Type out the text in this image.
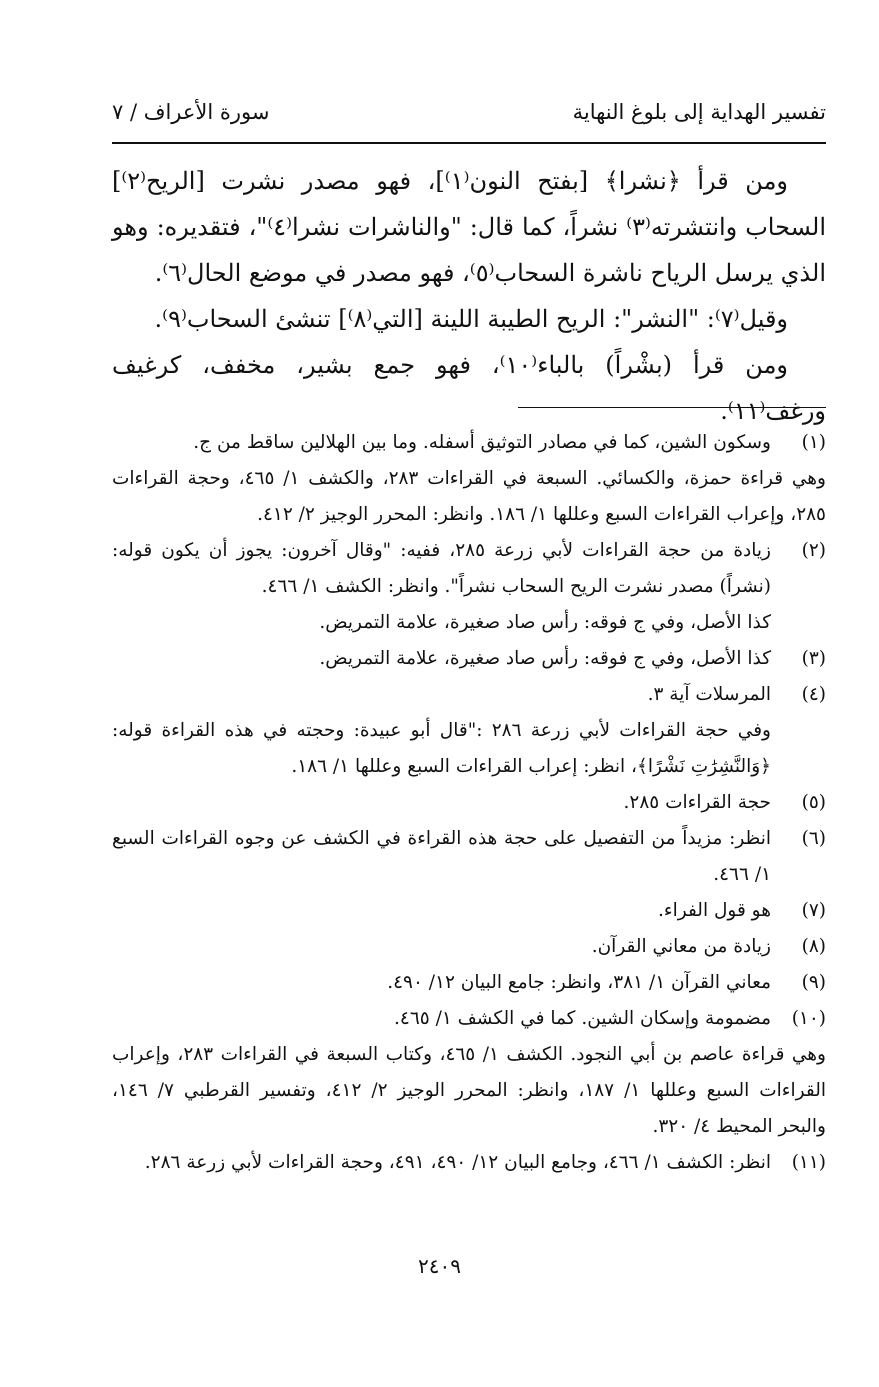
سورة الأعراف / ٧	تفسير الهداية إلى بلوغ النهاية

ومن قرأ ﴿نشرا﴾ [بفتح النون⁽١⁾]، فهو مصدر نشرت [الريح⁽٢⁾] السحاب وانتشرته⁽٣⁾ نشراً، كما قال: "والناشرات نشرا⁽٤⁾"، فتقديره: وهو الذي يرسل الرياح ناشرة السحاب⁽٥⁾، فهو مصدر في موضع الحال⁽٦⁾.

وقيل⁽٧⁾: "النشر": الريح الطيبة اللينة [التي⁽٨⁾] تنشئ السحاب⁽٩⁾.

ومن قرأ (بشْراً) بالباء⁽١٠⁾، فهو جمع بشير، مخفف، كرغيف ورغف⁽١١⁾.

(١)
وسكون الشين، كما في مصادر التوثيق أسفله. وما بين الهلالين ساقط من ج.
وهي قراءة حمزة، والكسائي. السبعة في القراءات ٢٨٣، والكشف ١/ ٤٦٥، وحجة القراءات ٢٨٥، وإعراب القراءات السبع وعللها ١/ ١٨٦. وانظر: المحرر الوجيز ٢/ ٤١٢.
(٢)
زيادة من حجة القراءات لأبي زرعة ٢٨٥، ففيه: "وقال آخرون: يجوز أن يكون قوله: (نشراً) مصدر نشرت الريح السحاب نشراً". وانظر: الكشف ١/ ٤٦٦.
كذا الأصل، وفي ج فوقه: رأس صاد صغيرة، علامة التمريض.
(٣)
كذا الأصل، وفي ج فوقه: رأس صاد صغيرة، علامة التمريض.
(٤)
المرسلات آية ٣.
وفي حجة القراءات لأبي زرعة ٢٨٦ :"قال أبو عبيدة: وحجته في هذه القراءة قوله: ﴿وَالنَّشِرَٰتِ نَشْرًا﴾، انظر: إعراب القراءات السبع وعللها ١/ ١٨٦.
(٥)
حجة القراءات ٢٨٥.
(٦)
انظر: مزيداً من التفصيل على حجة هذه القراءة في الكشف عن وجوه القراءات السبع ١/ ٤٦٦.
(٧)
هو قول الفراء.
(٨)
زيادة من معاني القرآن.
(٩)
معاني القرآن ١/ ٣٨١، وانظر: جامع البيان ١٢/ ٤٩٠.
(١٠)
مضمومة وإسكان الشين. كما في الكشف ١/ ٤٦٥.
وهي قراءة عاصم بن أبي النجود. الكشف ١/ ٤٦٥، وكتاب السبعة في القراءات ٢٨٣، وإعراب القراءات السبع وعللها ١/ ١٨٧، وانظر: المحرر الوجيز ٢/ ٤١٢، وتفسير القرطبي ٧/ ١٤٦، والبحر المحيط ٤/ ٣٢٠.
(١١)
انظر: الكشف ١/ ٤٦٦، وجامع البيان ١٢/ ٤٩٠، ٤٩١، وحجة القراءات لأبي زرعة ٢٨٦.
٢٤٠٩
